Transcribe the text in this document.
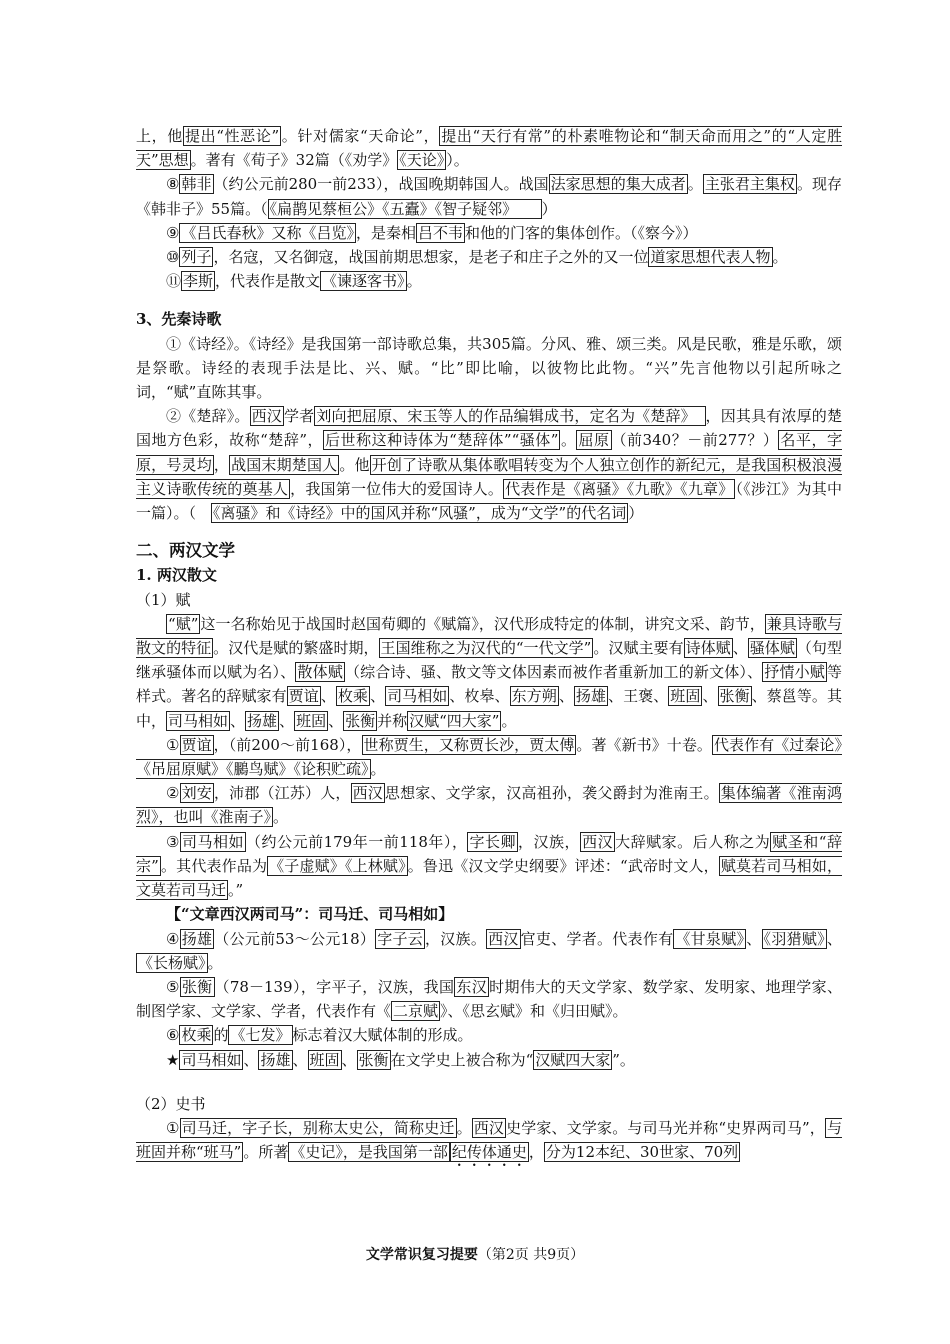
上，他 提出“性恶论” 。针对儒家“天命论”， 提出“天行有常”的朴素唯物论和“制天命而用之”的“人定胜天”思想 。著有《荀子》32篇（《劝学》 《天论》 ）。

⑧ 韩非 （约公元前280一前233），战国晚期韩国人。战国 法家思想的集大成者 。 主张君主集权 。现存《韩非子》55篇。（ 《扁鹊见蔡桓公》《五蠹》《智子疑邻》　　）

⑨ 《吕氏春秋》又称《吕览》 ，是秦相 吕不韦 和他的门客的集体创作。（《察今》）

⑩ 列子 ，名寇，又名御寇，战国前期思想家，是老子和庄子之外的又一位 道家思想代表人物 。

⑪ 李斯 ，代表作是散文 《谏逐客书》 。

3、先秦诗歌

①《诗经》。《诗经》是我国第一部诗歌总集，共305篇。分风、雅、颂三类。风是民歌，雅是乐歌，颂是祭歌。诗经的表现手法是比、兴、赋。“比”即比喻，以彼物比此物。“兴”先言他物以引起所咏之词，“赋”直陈其事。

②《楚辞》。 西汉 学者 刘向把屈原、宋玉等人的作品编辑成书，定名为《楚辞》　，因其具有浓厚的楚国地方色彩，故称“楚辞”， 后世称这种诗体为“楚辞体”“骚体” 。 屈原 （前340？－前277？） 名平，字原，号灵均 ， 战国末期楚国人 。他 开创了诗歌从集体歌唱转变为个人独立创作的新纪元，是我国积极浪漫主义诗歌传统的奠基人 ，我国第一位伟大的爱国诗人。 代表作是《离骚》《九歌》《九章》 （《涉江》为其中一篇）。（　《离骚》和《诗经》中的国风并称“风骚”，成为“文学”的代名词 ）

二、两汉文学

1. 两汉散文

（1）赋

“赋” 这一名称始见于战国时赵国荀卿的《赋篇》，汉代形成特定的体制，讲究文采、韵节， 兼具诗歌与散文的特征 。汉代是赋的繁盛时期， 王国维称之为汉代的“一代文学” 。汉赋主要有 诗体赋 、 骚体赋 （句型继承骚体而以赋为名）、 散体赋 （综合诗、骚、散文等文体因素而被作者重新加工的新文体）、 抒情小赋 等样式。著名的辞赋家有 贾谊 、 枚乘 、 司马相如 、枚皋、 东方朔 、 扬雄 、王褒、 班固 、 张衡 、蔡邕等。其中， 司马相如 、 扬雄 、 班固 、 张衡 并称 汉赋“四大家” 。

① 贾谊 ，（前200～前168）， 世称贾生，又称贾长沙，贾太傅 。著《新书》十卷。 代表作有《过秦论》《吊屈原赋》《鵩鸟赋》《论积贮疏》 。

② 刘安 ，沛郡（江苏）人， 西汉 思想家、文学家，汉高祖孙，袭父爵封为淮南王。 集体编著《淮南鸿烈》，也叫《淮南子》 。

③ 司马相如 （约公元前179年一前118年）， 字长卿 ，汉族， 西汉 大辞赋家。后人称之为 赋圣和“辞宗” 。其代表作品为 《子虚赋》《上林赋》 。鲁迅《汉文学史纲要》评述：“武帝时文人， 赋莫若司马相如，文莫若司马迁 。”

【“文章西汉两司马”：司马迁、司马相如】

④ 扬雄 （公元前53～公元18） 字子云 ，汉族。 西汉 官吏、学者。代表作有 《甘泉赋》 、 《羽猎赋》 、《长杨赋》 。

⑤ 张衡 （78－139），字平子，汉族，我国 东汉 时期伟大的天文学家、数学家、发明家、地理学家、制图学家、文学家、学者，代表作有《 二京赋 》、《思玄赋》和《归田赋》。

⑥ 枚乘 的 《七发》 标志着汉大赋体制的形成。

★ 司马相如 、 扬雄 、 班固 、 张衡 在文学史上被合称为“ 汉赋四大家 ”。

（2）史书

① 司马迁，字子长，别称太史公，简称史迁 。 西汉 史学家、文学家。与司马光并称“史界两司马”， 与班固并称“班马” 。所著 《史记》，是我国第一部 纪传体通史 ， 分为12本纪、30世家、70列

文学常识复习提要（第2页 共9页）
